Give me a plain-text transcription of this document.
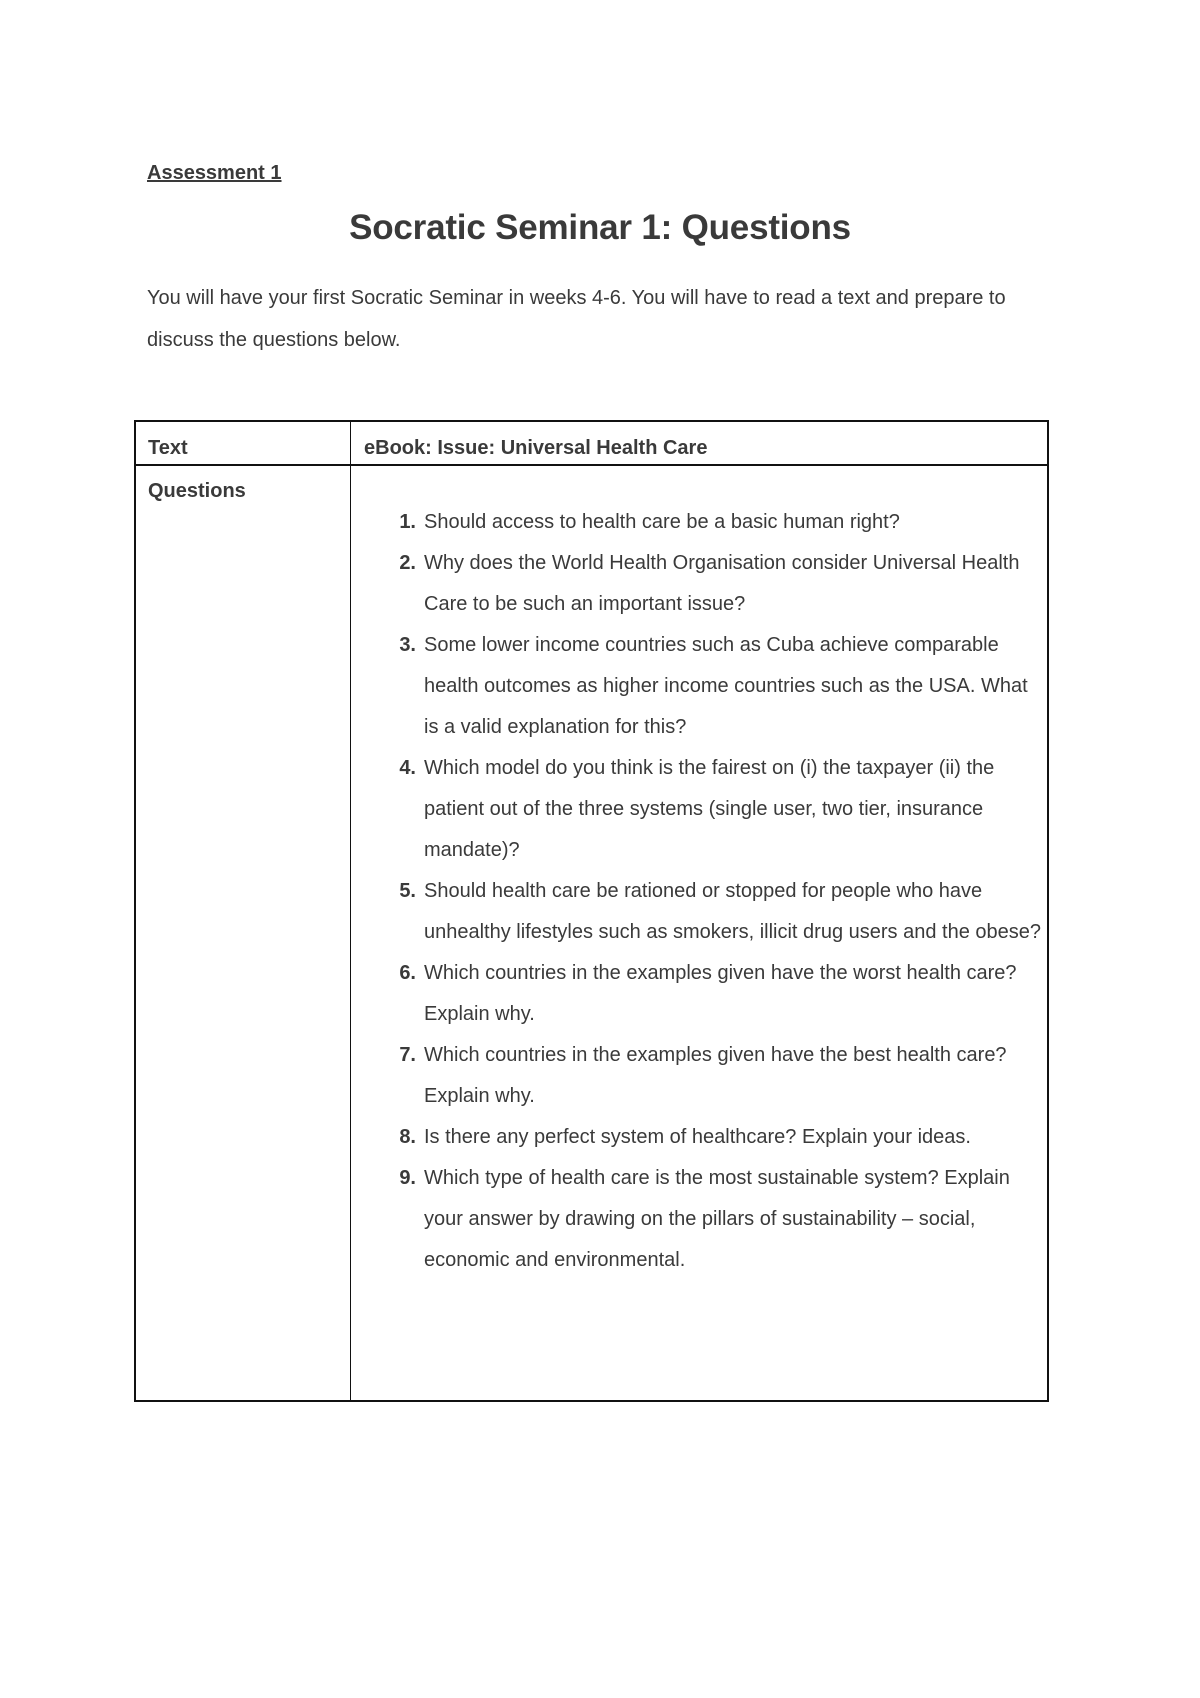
Assessment 1
Socratic Seminar 1: Questions
You will have your first Socratic Seminar in weeks 4-6. You will have to read a text and prepare to discuss the questions below.
Text	eBook: Issue: Universal Health Care
Questions
1. Should access to health care be a basic human right?
2. Why does the World Health Organisation consider Universal Health Care to be such an important issue?
3. Some lower income countries such as Cuba achieve comparable health outcomes as higher income countries such as the USA. What is a valid explanation for this?
4. Which model do you think is the fairest on (i) the taxpayer (ii) the patient out of the three systems (single user, two tier, insurance mandate)?
5. Should health care be rationed or stopped for people who have unhealthy lifestyles such as smokers, illicit drug users and the obese?
6. Which countries in the examples given have the worst health care? Explain why.
7. Which countries in the examples given have the best health care? Explain why.
8. Is there any perfect system of healthcare? Explain your ideas.
9. Which type of health care is the most sustainable system? Explain your answer by drawing on the pillars of sustainability – social, economic and environmental.
